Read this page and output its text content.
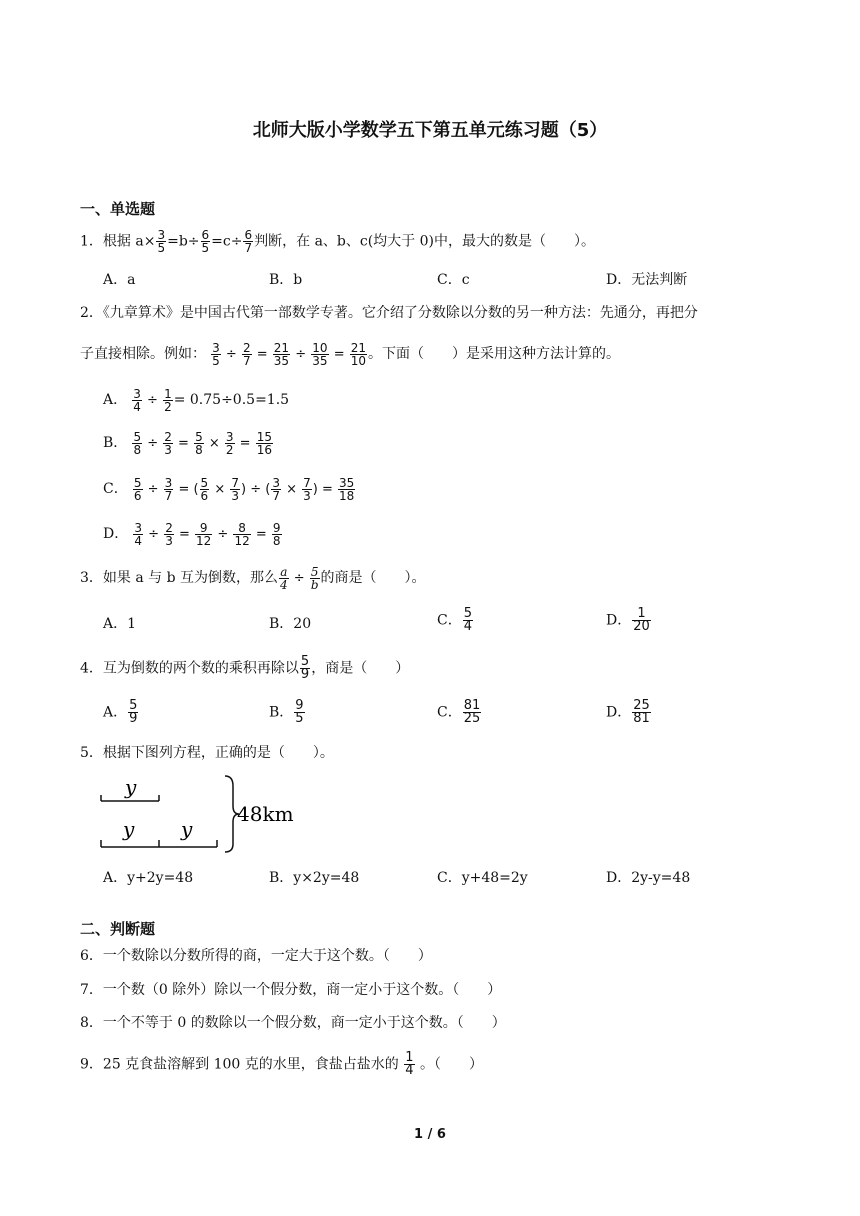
北师大版小学数学五下第五单元练习题（5）
一、单选题
1．根据 $a\times \frac{3}{5} =b\div \frac{6}{5} =c\div \frac{6}{7}$ 判断，在 a、b、c(均大于 0)中，最大的数是（　　）。
A．a	B．b	C．c	D．无法判断
2．《九章算术》是中国古代第一部数学专著。它介绍了分数除以分数的另一种方法：先通分，再把分
子直接相除。例如： $\frac{3}{5} \div \frac{2}{7} = \frac{21}{35} \div \frac{10}{35} = \frac{21}{10}$ 。下面（　　）是采用这种方法计算的。
A． $\frac{3}{4} \div \frac{1}{2} = 0.75\div 0.5=1.5$
B． $\frac{5}{8} \div \frac{2}{3} = \frac{5}{8} \times \frac{3}{2} = \frac{15}{16}$
C． $\frac{5}{6} \div \frac{3}{7}$ = ( $\frac{5}{6} \times \frac{7}{3}$ ) ÷ ( $\frac{3}{7} \times \frac{7}{3}$ ) = $\frac{35}{18}$
D． $\frac{3}{4} \div \frac{2}{3} = \frac{9}{12} \div \frac{8}{12} = \frac{9}{8}$
3．如果 a 与 b 互为倒数，那么 $\frac{a}{4} \div \frac{5}{b}$ 的商是（　　）。
A．1	B．20	C． $\frac{5}{4}$	D． $\frac{1}{20}$
4．互为倒数的两个数的乘积再除以 $\frac{5}{9}$ ，商是（　　）
A． $\frac{5}{9}$	B． $\frac{9}{5}$	C． $\frac{81}{25}$	D． $\frac{25}{81}$
5．根据下图列方程，正确的是（　　）。
y
y y
48km
A．y+2y=48	B．y×2y=48	C．y+48=2y	D．2y-y=48
二、判断题
6．一个数除以分数所得的商，一定大于这个数。（　　）
7．一个数（0 除外）除以一个假分数，商一定小于这个数。（　　）
8．一个不等于 0 的数除以一个假分数，商一定小于这个数。（　　）
9．25 克食盐溶解到 100 克的水里，食盐占盐水的 $\frac{1}{4}$ 。（　　）
1 / 6
